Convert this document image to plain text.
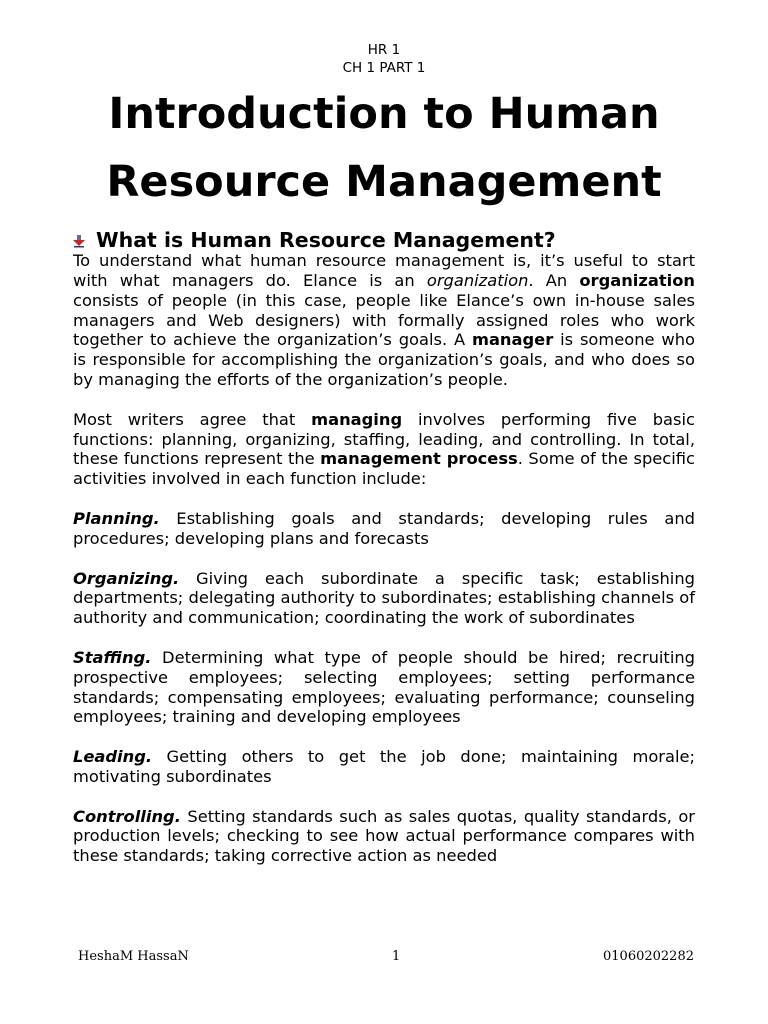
HR 1
CH 1 PART 1
Introduction to Human
Resource Management
What is Human Resource Management?

To understand what human resource management is, it’s useful to start with what managers do. Elance is an organization. An organization consists of people (in this case, people like Elance’s own in-house sales managers and Web designers) with formally assigned roles who work together to achieve the organization’s goals. A manager is someone who is responsible for accomplishing the organization’s goals, and who does so by managing the efforts of the organization’s people.

Most writers agree that managing involves performing five basic functions: planning, organizing, staffing, leading, and controlling. In total, these functions represent the management process. Some of the specific activities involved in each function include:

Planning. Establishing goals and standards; developing rules and procedures; developing plans and forecasts

Organizing. Giving each subordinate a specific task; establishing departments; delegating authority to subordinates; establishing channels of authority and communication; coordinating the work of subordinates

Staffing. Determining what type of people should be hired; recruiting prospective employees; selecting employees; setting performance standards; compensating employees; evaluating performance; counseling employees; training and developing employees

Leading. Getting others to get the job done; maintaining morale; motivating subordinates

Controlling. Setting standards such as sales quotas, quality standards, or production levels; checking to see how actual performance compares with these standards; taking corrective action as needed

HeshaM HassaN	1	01060202282
